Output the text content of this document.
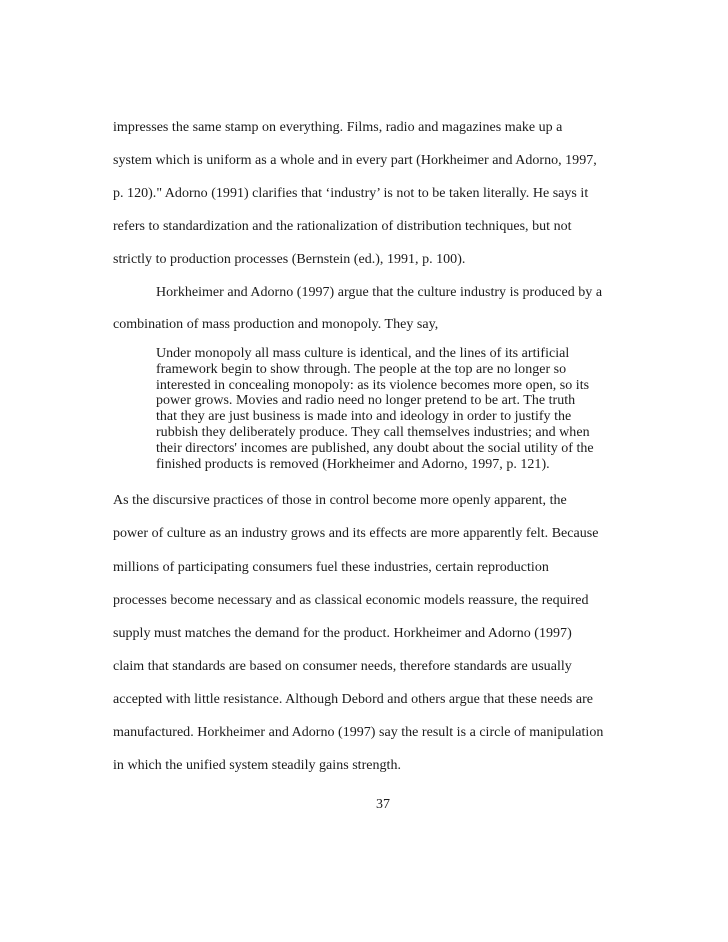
impresses the same stamp on everything. Films, radio and magazines make up a
system which is uniform as a whole and in every part (Horkheimer and Adorno, 1997,
p. 120)." Adorno (1991) clarifies that ‘industry’ is not to be taken literally. He says it
refers to standardization and the rationalization of distribution techniques, but not
strictly to production processes (Bernstein (ed.), 1991, p. 100).
Horkheimer and Adorno (1997) argue that the culture industry is produced by a
combination of mass production and monopoly. They say,
Under monopoly all mass culture is identical, and the lines of its artificial
framework begin to show through. The people at the top are no longer so
interested in concealing monopoly: as its violence becomes more open, so its
power grows. Movies and radio need no longer pretend to be art. The truth
that they are just business is made into and ideology in order to justify the
rubbish they deliberately produce. They call themselves industries; and when
their directors' incomes are published, any doubt about the social utility of the
finished products is removed (Horkheimer and Adorno, 1997, p. 121).
As the discursive practices of those in control become more openly apparent, the
power of culture as an industry grows and its effects are more apparently felt. Because
millions of participating consumers fuel these industries, certain reproduction
processes become necessary and as classical economic models reassure, the required
supply must matches the demand for the product. Horkheimer and Adorno (1997)
claim that standards are based on consumer needs, therefore standards are usually
accepted with little resistance. Although Debord and others argue that these needs are
manufactured. Horkheimer and Adorno (1997) say the result is a circle of manipulation
in which the unified system steadily gains strength.
37
